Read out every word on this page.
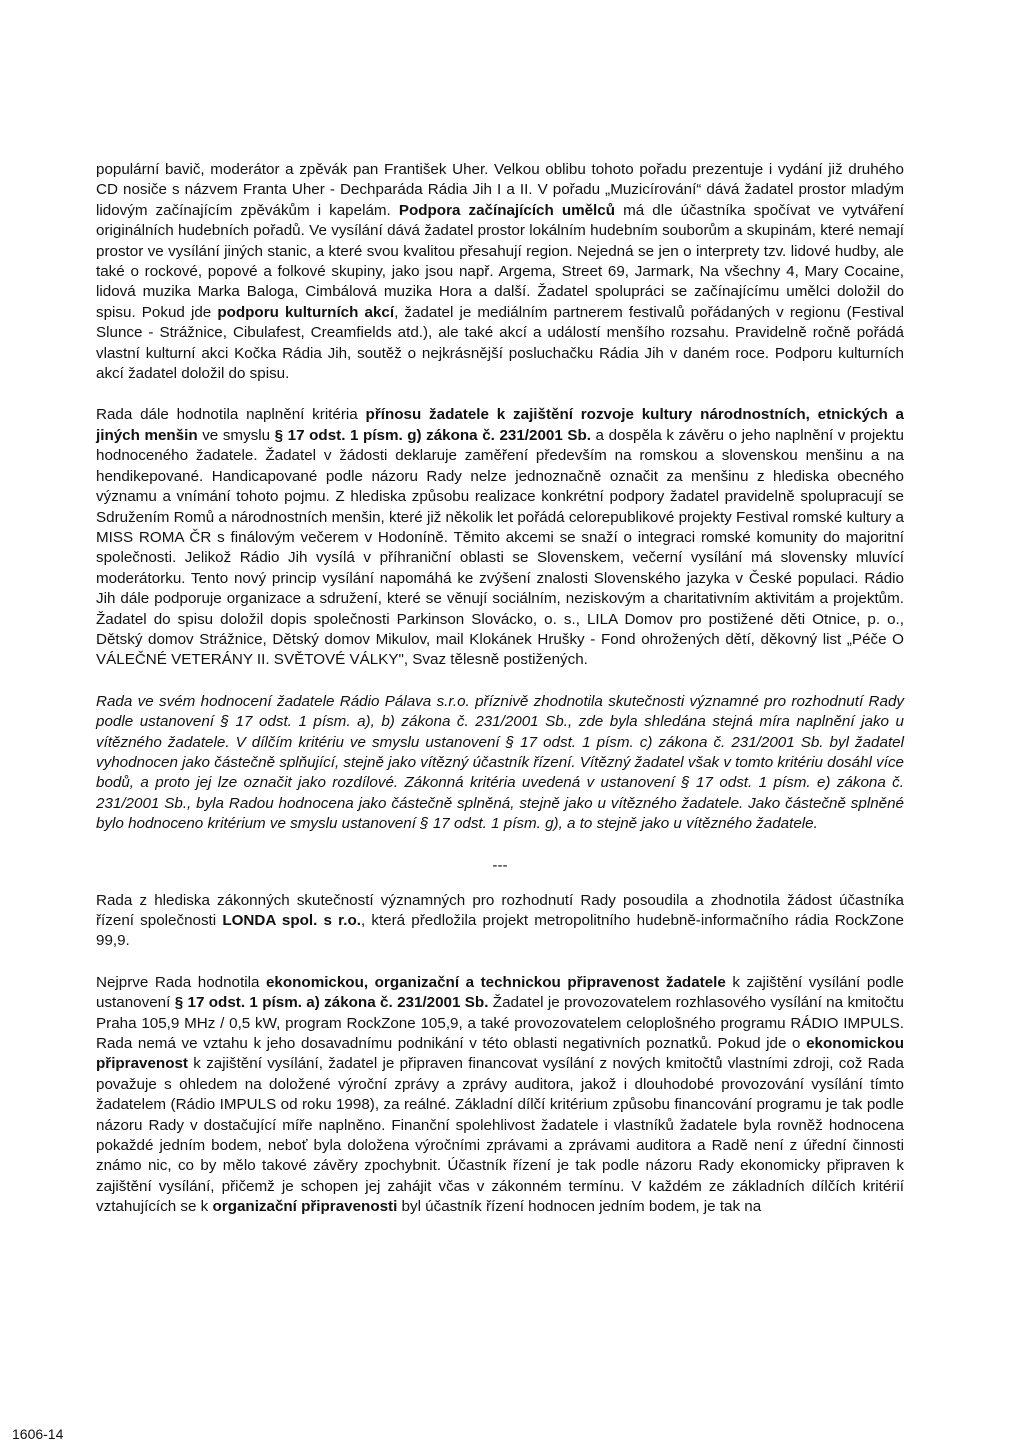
populární bavič, moderátor a zpěvák pan František Uher. Velkou oblibu tohoto pořadu prezentuje i vydání již druhého CD nosiče s názvem Franta Uher - Dechparáda Rádia Jih I a II. V pořadu „Muzicírování“ dává žadatel prostor mladým lidovým začínajícím zpěvákům i kapelám. Podpora začínajících umělců má dle účastníka spočívat ve vytváření originálních hudebních pořadů. Ve vysílání dává žadatel prostor lokálním hudebním souborům a skupinám, které nemají prostor ve vysílání jiných stanic, a které svou kvalitou přesahují region. Nejedná se jen o interprety tzv. lidové hudby, ale také o rockové, popové a folkové skupiny, jako jsou např. Argema, Street 69, Jarmark, Na všechny 4, Mary Cocaine, lidová muzika Marka Baloga, Cimbálová muzika Hora a další. Žadatel spolupráci se začínajícímu umělci doložil do spisu. Pokud jde podporu kulturních akcí, žadatel je mediálním partnerem festivalů pořádaných v regionu (Festival Slunce - Strážnice, Cibulafest, Creamfields atd.), ale také akcí a událostí menšího rozsahu. Pravidelně ročně pořádá vlastní kulturní akci Kočka Rádia Jih, soutěž o nejkrásnější posluchačku Rádia Jih v daném roce. Podporu kulturních akcí žadatel doložil do spisu.

Rada dále hodnotila naplnění kritéria přínosu žadatele k zajištění rozvoje kultury národnostních, etnických a jiných menšin ve smyslu § 17 odst. 1 písm. g) zákona č. 231/2001 Sb. a dospěla k závěru o jeho naplnění v projektu hodnoceného žadatele. Žadatel v žádosti deklaruje zaměření především na romskou a slovenskou menšinu a na hendikepované. Handicapované podle názoru Rady nelze jednoznačně označit za menšinu z hlediska obecného významu a vnímání tohoto pojmu. Z hlediska způsobu realizace konkrétní podpory žadatel pravidelně spolupracují se Sdružením Romů a národnostních menšin, které již několik let pořádá celorepublikové projekty Festival romské kultury a MISS ROMA ČR s finálovým večerem v Hodoníně. Těmito akcemi se snaží o integraci romské komunity do majoritní společnosti. Jelikož Rádio Jih vysílá v příhraniční oblasti se Slovenskem, večerní vysílání má slovensky mluvící moderátorku. Tento nový princip vysílání napomáhá ke zvýšení znalosti Slovenského jazyka v České populaci. Rádio Jih dále podporuje organizace a sdružení, které se věnují sociálním, neziskovým a charitativním aktivitám a projektům. Žadatel do spisu doložil dopis společnosti Parkinson Slovácko, o. s., LILA Domov pro postižené děti Otnice, p. o., Dětský domov Strážnice, Dětský domov Mikulov, mail Klokánek Hrušky - Fond ohrožených dětí, děkovný list „Péče O VÁLEČNÉ VETERÁNY II. SVĚTOVÉ VÁLKY", Svaz tělesně postižených.

Rada ve svém hodnocení žadatele Rádio Pálava s.r.o. příznivě zhodnotila skutečnosti významné pro rozhodnutí Rady podle ustanovení § 17 odst. 1 písm. a), b) zákona č. 231/2001 Sb., zde byla shledána stejná míra naplnění jako u vítězného žadatele. V dílčím kritériu ve smyslu ustanovení § 17 odst. 1 písm. c) zákona č. 231/2001 Sb. byl žadatel vyhodnocen jako částečně splňující, stejně jako vítězný účastník řízení. Vítězný žadatel však v tomto kritériu dosáhl více bodů, a proto jej lze označit jako rozdílové. Zákonná kritéria uvedená v ustanovení § 17 odst. 1 písm. e) zákona č. 231/2001 Sb., byla Radou hodnocena jako částečně splněná, stejně jako u vítězného žadatele. Jako částečně splněné bylo hodnoceno kritérium ve smyslu ustanovení § 17 odst. 1 písm. g), a to stejně jako u vítězného žadatele.

---

Rada z hlediska zákonných skutečností významných pro rozhodnutí Rady posoudila a zhodnotila žádost účastníka řízení společnosti LONDA spol. s r.o., která předložila projekt metropolitního hudebně-informačního rádia RockZone 99,9.

Nejprve Rada hodnotila ekonomickou, organizační a technickou připravenost žadatele k zajištění vysílání podle ustanovení § 17 odst. 1 písm. a) zákona č. 231/2001 Sb. Žadatel je provozovatelem rozhlasového vysílání na kmitočtu Praha 105,9 MHz / 0,5 kW, program RockZone 105,9, a také provozovatelem celoplošného programu RÁDIO IMPULS. Rada nemá ve vztahu k jeho dosavadnímu podnikání v této oblasti negativních poznatků. Pokud jde o ekonomickou připravenost k zajištění vysílání, žadatel je připraven financovat vysílání z nových kmitočtů vlastními zdroji, což Rada považuje s ohledem na doložené výroční zprávy a zprávy auditora, jakož i dlouhodobé provozování vysílání tímto žadatelem (Rádio IMPULS od roku 1998), za reálné. Základní dílčí kritérium způsobu financování programu je tak podle názoru Rady v dostačující míře naplněno. Finanční spolehlivost žadatele i vlastníků žadatele byla rovněž hodnocena pokaždé jedním bodem, neboť byla doložena výročními zprávami a zprávami auditora a Radě není z úřední činnosti známo nic, co by mělo takové závěry zpochybnit. Účastník řízení je tak podle názoru Rady ekonomicky připraven k zajištění vysílání, přičemž je schopen jej zahájit včas v zákonném termínu. V každém ze základních dílčích kritérií vztahujících se k organizační připravenosti byl účastník řízení hodnocen jedním bodem, je tak na

1606-14
